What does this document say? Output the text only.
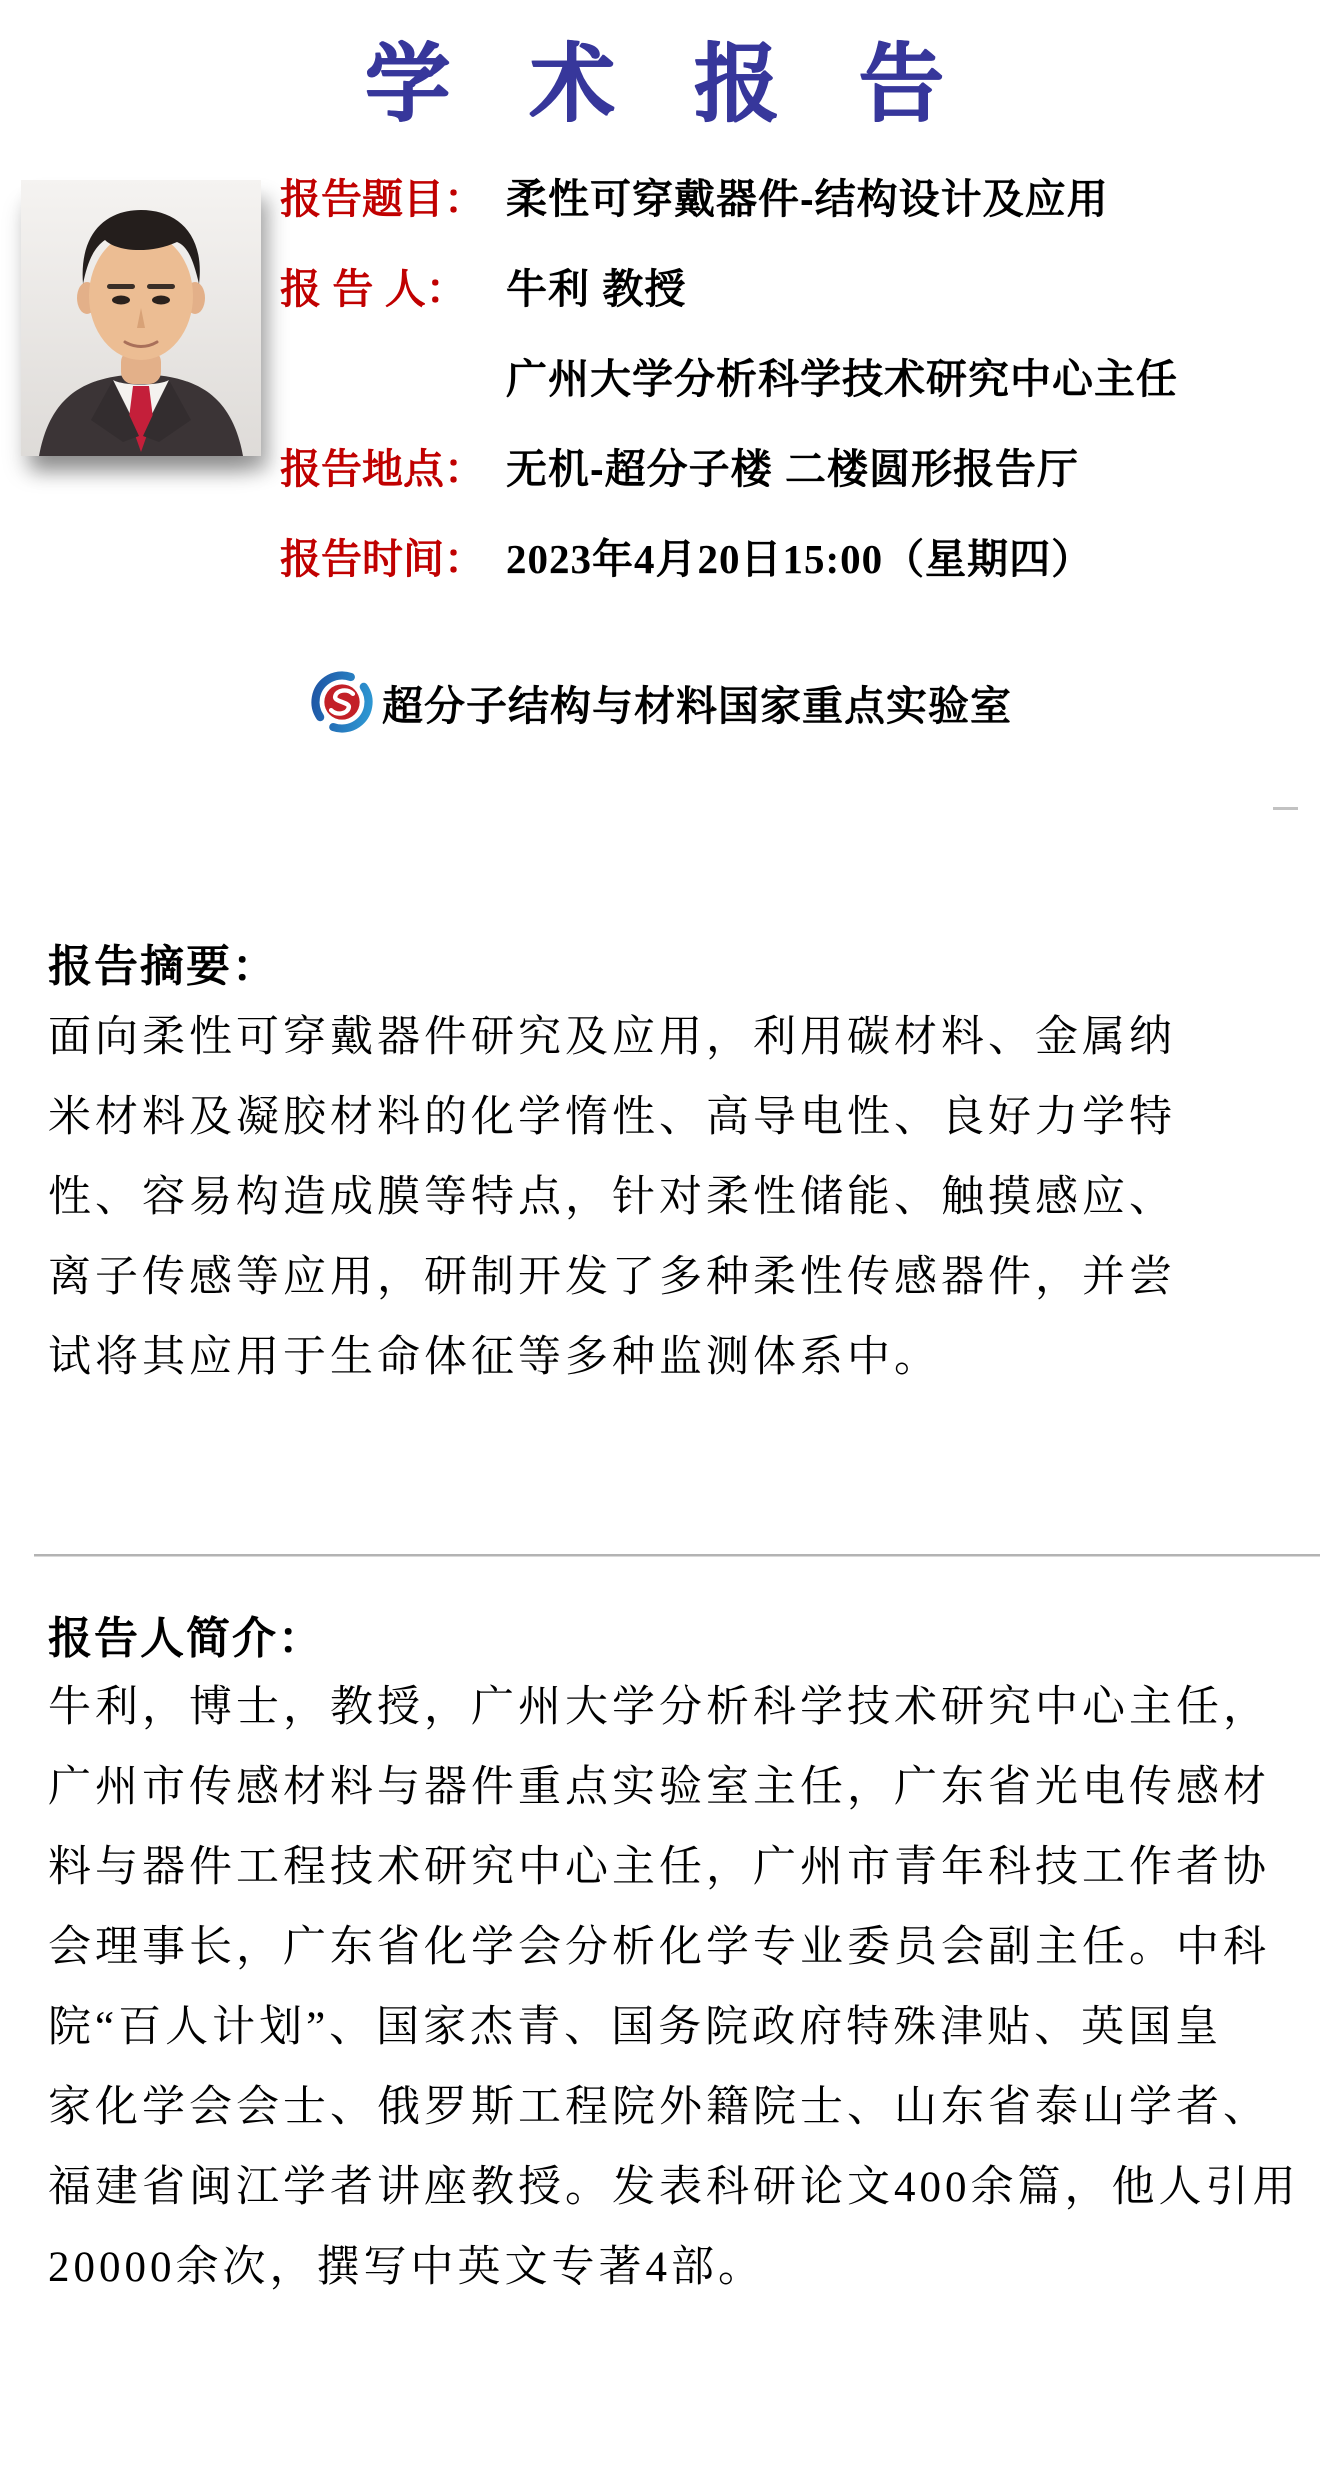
学 术 报 告
报告题目： 柔性可穿戴器件-结构设计及应用
报 告 人： 牛利 教授
广州大学分析科学技术研究中心主任
报告地点： 无机-超分子楼 二楼圆形报告厅
报告时间： 2023年4月20日15:00（星期四）
超分子结构与材料国家重点实验室
报告摘要：
面向柔性可穿戴器件研究及应用，利用碳材料、金属纳
米材料及凝胶材料的化学惰性、高导电性、良好力学特
性、容易构造成膜等特点，针对柔性储能、触摸感应、
离子传感等应用，研制开发了多种柔性传感器件，并尝
试将其应用于生命体征等多种监测体系中。
报告人简介：
牛利，博士，教授，广州大学分析科学技术研究中心主任，
广州市传感材料与器件重点实验室主任，广东省光电传感材
料与器件工程技术研究中心主任，广州市青年科技工作者协
会理事长，广东省化学会分析化学专业委员会副主任。中科
院“百人计划”、国家杰青、国务院政府特殊津贴、英国皇
家化学会会士、俄罗斯工程院外籍院士、山东省泰山学者、
福建省闽江学者讲座教授。发表科研论文400余篇，他人引用
20000余次，撰写中英文专著4部。
